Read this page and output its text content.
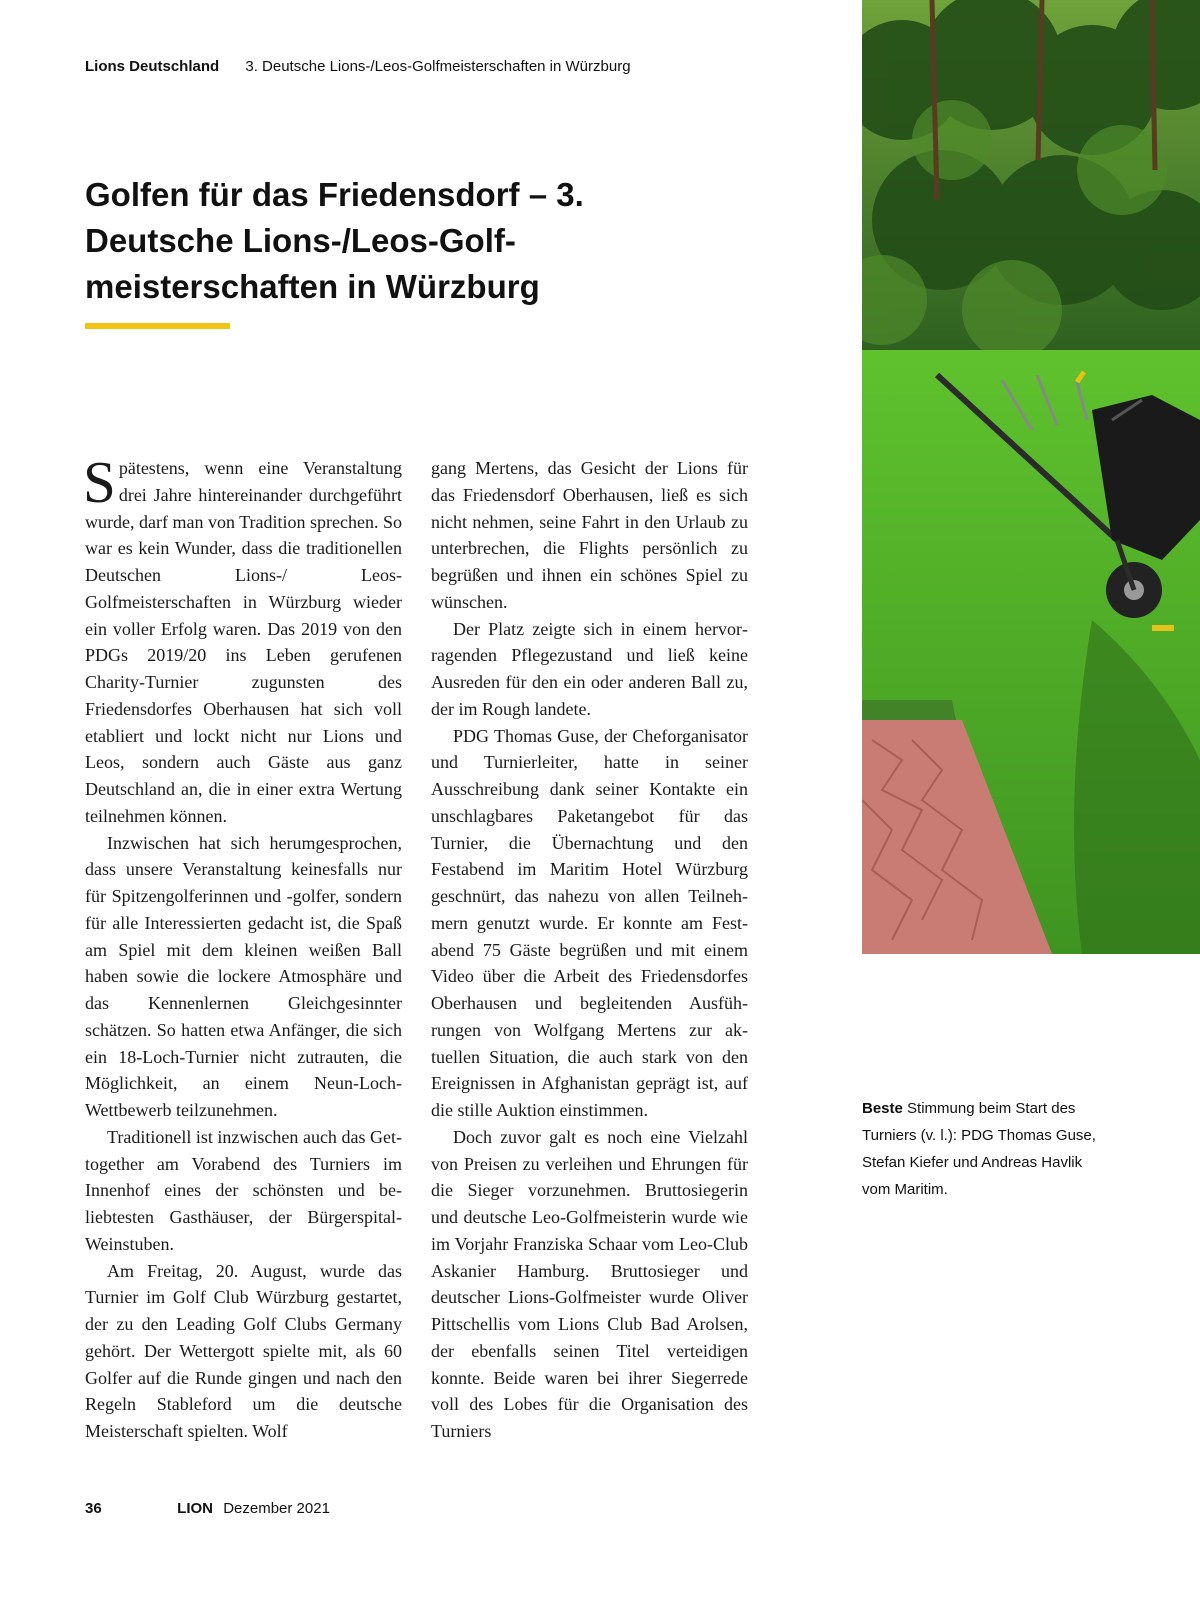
Lions Deutschland 3. Deutsche Lions-/Leos-Golfmeisterschaften in Würzburg
Golfen für das Friedensdorf – 3. Deutsche Lions-/Leos-Golfmeisterschaften in Würzburg

Spätestens, wenn eine Veranstaltung drei Jahre hintereinander durchgeführt wurde, darf man von Tradition sprechen. So war es kein Wunder, dass die traditionellen Deutschen Lions-/ Leos-Golfmeisterschaften in Würzburg wieder ein voller Erfolg waren. Das 2019 von den PDGs 2019/20 ins Leben gerufenen Charity-Turnier zugunsten des Friedensdorfes Oberhausen hat sich voll etabliert und lockt nicht nur Lions und Leos, sondern auch Gäste aus ganz Deutschland an, die in einer extra Wertung teilnehmen können.

Inzwischen hat sich herumgesprochen, dass unsere Veranstaltung keinesfalls nur für Spitzengolferinnen und -golfer, sondern für alle Interessierten gedacht ist, die Spaß am Spiel mit dem kleinen weißen Ball haben sowie die lockere Atmosphäre und das Kennenlernen Gleichgesinnter schätzen. So hatten etwa Anfänger, die sich ein 18-Loch-Turnier nicht zutrauten, die Möglichkeit, an einem Neun-Loch-Wettbewerb teilzunehmen.

Traditionell ist inzwischen auch das Get-together am Vorabend des Turniers im Innenhof eines der schönsten und beliebtesten Gasthäuser, der Bürgerspital-Weinstuben.

Am Freitag, 20. August, wurde das Turnier im Golf Club Würzburg gestartet, der zu den Leading Golf Clubs Germany gehört. Der Wettergott spielte mit, als 60 Golfer auf die Runde gingen und nach den Regeln Stableford um die deutsche Meisterschaft spielten. Wolf

gang Mertens, das Gesicht der Lions für das Friedensdorf Oberhausen, ließ es sich nicht nehmen, seine Fahrt in den Urlaub zu unterbrechen, die Flights persönlich zu begrüßen und ihnen ein schönes Spiel zu wünschen.

Der Platz zeigte sich in einem hervorragenden Pflegezustand und ließ keine Ausreden für den ein oder anderen Ball zu, der im Rough landete.

PDG Thomas Guse, der Cheforganisator und Turnierleiter, hatte in seiner Ausschreibung dank seiner Kontakte ein unschlagbares Paketangebot für das Turnier, die Übernachtung und den Festabend im Maritim Hotel Würzburg geschnürt, das nahezu von allen Teilnehmern genutzt wurde. Er konnte am Festabend 75 Gäste begrüßen und mit einem Video über die Arbeit des Friedensdorfes Oberhausen und begleitenden Ausführungen von Wolfgang Mertens zur aktuellen Situation, die auch stark von den Ereignissen in Afghanistan geprägt ist, auf die stille Auktion einstimmen.

Doch zuvor galt es noch eine Vielzahl von Preisen zu verleihen und Ehrungen für die Sieger vorzunehmen. Bruttosiegerin und deutsche Leo-Golfmeisterin wurde wie im Vorjahr Franziska Schaar vom Leo-Club Askanier Hamburg. Bruttosieger und deutscher Lions-Golfmeister wurde Oliver Pittschellis vom Lions Club Bad Arolsen, der ebenfalls seinen Titel verteidigen konnte. Beide waren bei ihrer Siegerrede voll des Lobes für die Organisation des Turniers

Beste Stimmung beim Start des Turniers (v. l.): PDG Thomas Guse, Stefan Kiefer und Andreas Havlik vom Maritim.
36	LION Dezember 2021
